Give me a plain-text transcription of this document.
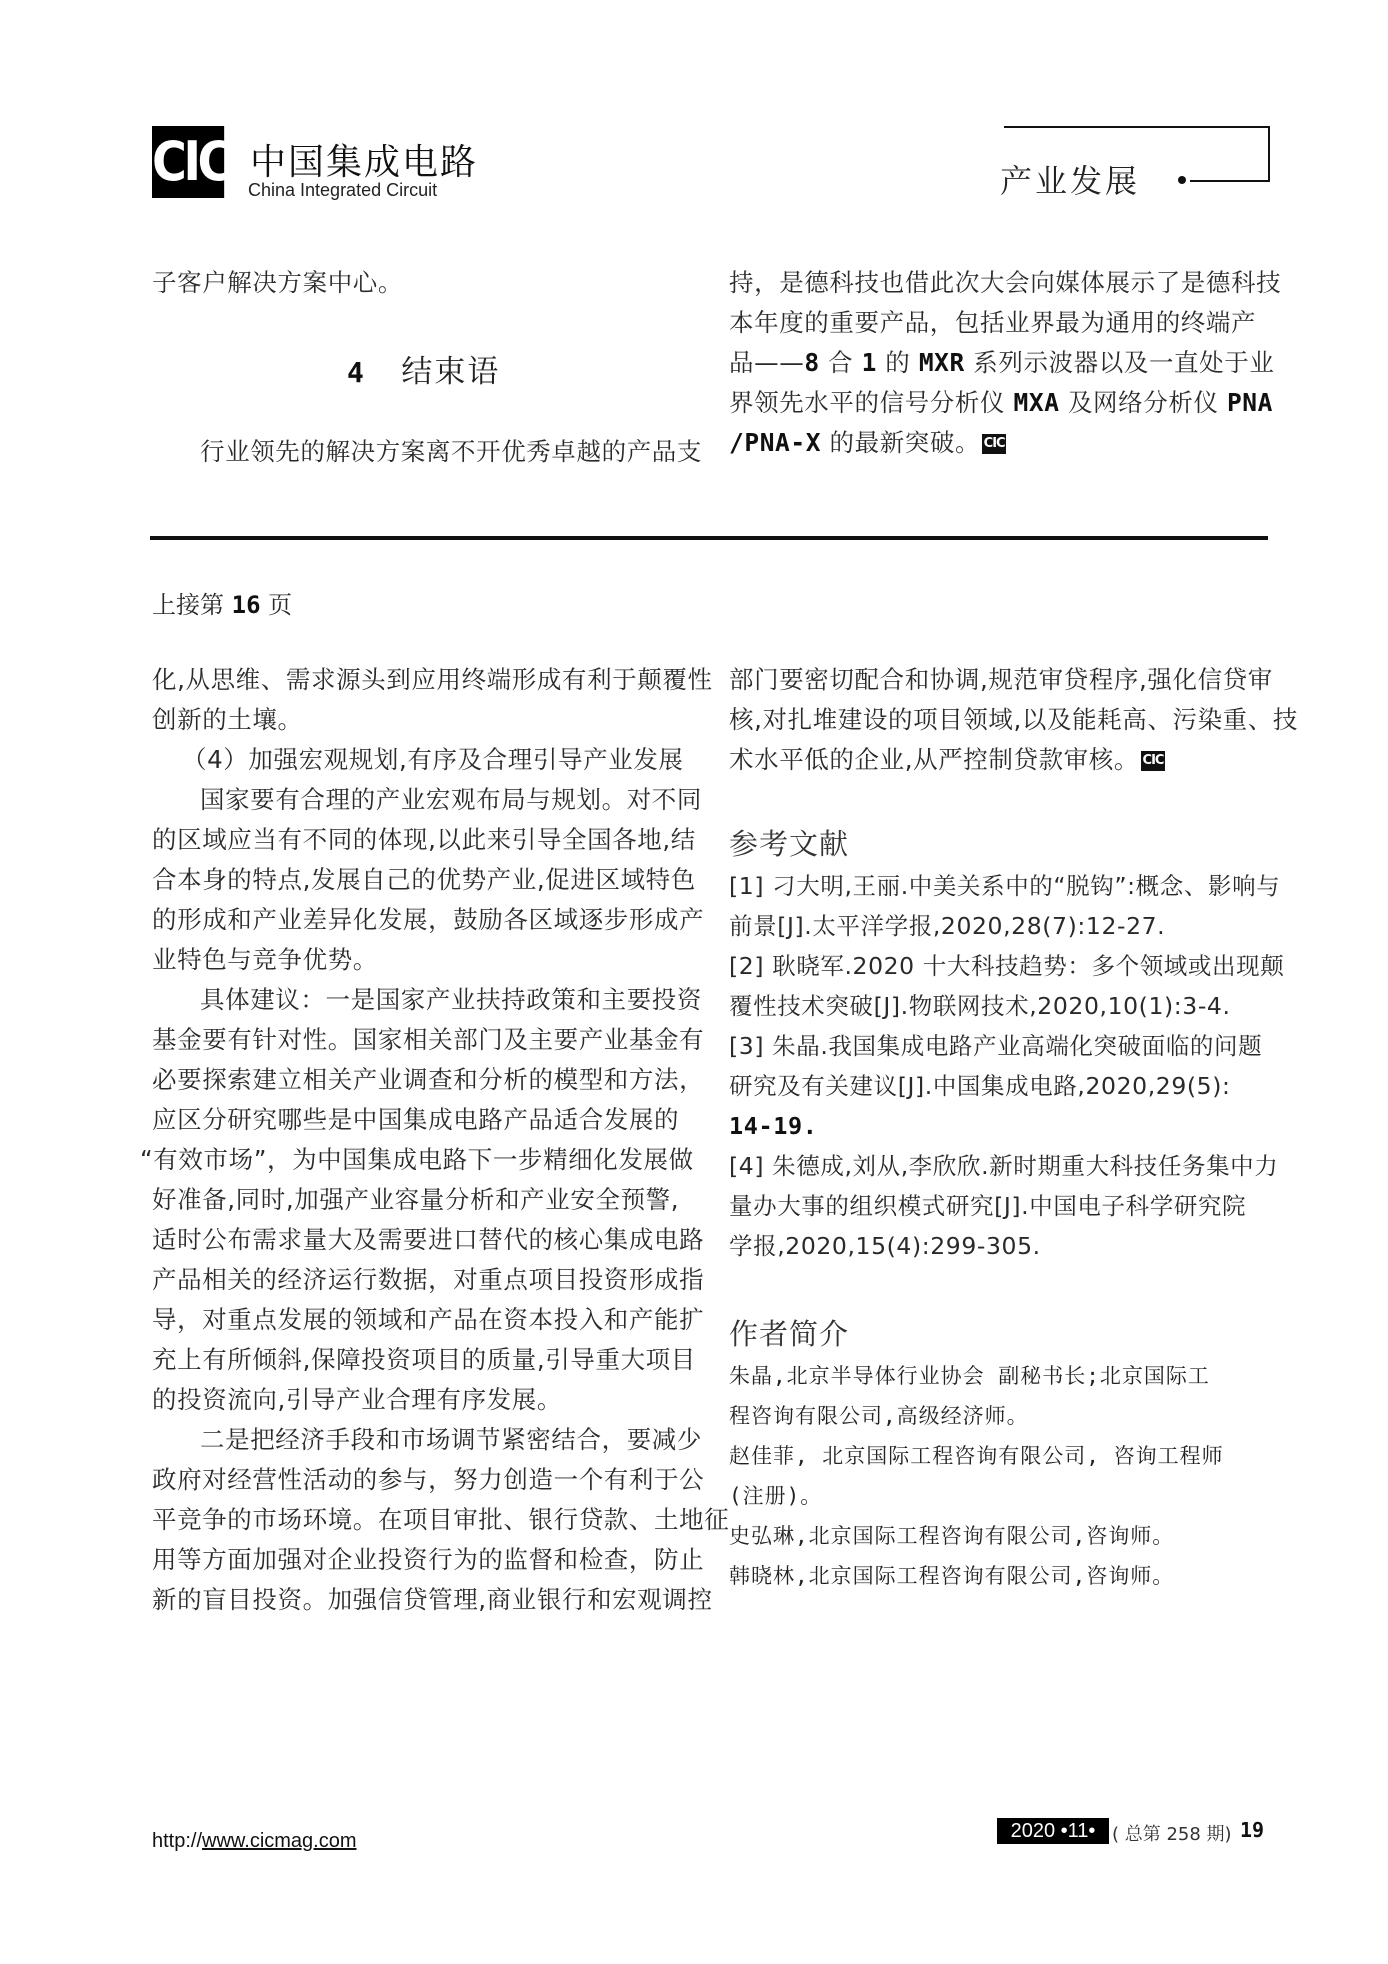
CIC 中国集成电路
China Integrated Circuit	产业发展
子客户解决方案中心。
4 结束语
行业领先的解决方案离不开优秀卓越的产品支
持，是德科技也借此次大会向媒体展示了是德科技
本年度的重要产品，包括业界最为通用的终端产
品——8 合 1 的 MXR 系列示波器以及一直处于业
界领先水平的信号分析仪 MXA 及网络分析仪 PNA
/PNA-X 的最新突破。 CIC
上接第 16 页
化,从思维、需求源头到应用终端形成有利于颠覆性
创新的土壤。
（4）加强宏观规划,有序及合理引导产业发展
国家要有合理的产业宏观布局与规划。对不同
的区域应当有不同的体现,以此来引导全国各地,结
合本身的特点,发展自己的优势产业,促进区域特色
的形成和产业差异化发展，鼓励各区域逐步形成产
业特色与竞争优势。
具体建议：一是国家产业扶持政策和主要投资
基金要有针对性。国家相关部门及主要产业基金有
必要探索建立相关产业调查和分析的模型和方法，
应区分研究哪些是中国集成电路产品适合发展的
“有效市场”，为中国集成电路下一步精细化发展做
好准备,同时,加强产业容量分析和产业安全预警,
适时公布需求量大及需要进口替代的核心集成电路
产品相关的经济运行数据，对重点项目投资形成指
导，对重点发展的领域和产品在资本投入和产能扩
充上有所倾斜,保障投资项目的质量,引导重大项目
的投资流向,引导产业合理有序发展。
二是把经济手段和市场调节紧密结合，要减少
政府对经营性活动的参与，努力创造一个有利于公
平竞争的市场环境。在项目审批、银行贷款、土地征
用等方面加强对企业投资行为的监督和检查，防止
新的盲目投资。加强信贷管理,商业银行和宏观调控
部门要密切配合和协调,规范审贷程序,强化信贷审
核,对扎堆建设的项目领域,以及能耗高、污染重、技
术水平低的企业,从严控制贷款审核。 CIC
参考文献
[1] 刁大明,王丽.中美关系中的“脱钩”:概念、影响与
前景[J].太平洋学报,2020,28(7):12-27.
[2] 耿晓军.2020 十大科技趋势：多个领域或出现颠
覆性技术突破[J].物联网技术,2020,10(1):3-4.
[3] 朱晶.我国集成电路产业高端化突破面临的问题
研究及有关建议[J].中国集成电路,2020,29(5):
14-19.
[4] 朱德成,刘从,李欣欣.新时期重大科技任务集中力
量办大事的组织模式研究[J].中国电子科学研究院
学报,2020,15(4):299-305.
作者简介
朱晶,北京半导体行业协会 副秘书长;北京国际工
程咨询有限公司,高级经济师。
赵佳菲, 北京国际工程咨询有限公司, 咨询工程师
(注册)。
史弘琳,北京国际工程咨询有限公司,咨询师。
韩晓林,北京国际工程咨询有限公司,咨询师。
http://www.cicmag.com	2020 •11• ( 总第 258 期) 19
